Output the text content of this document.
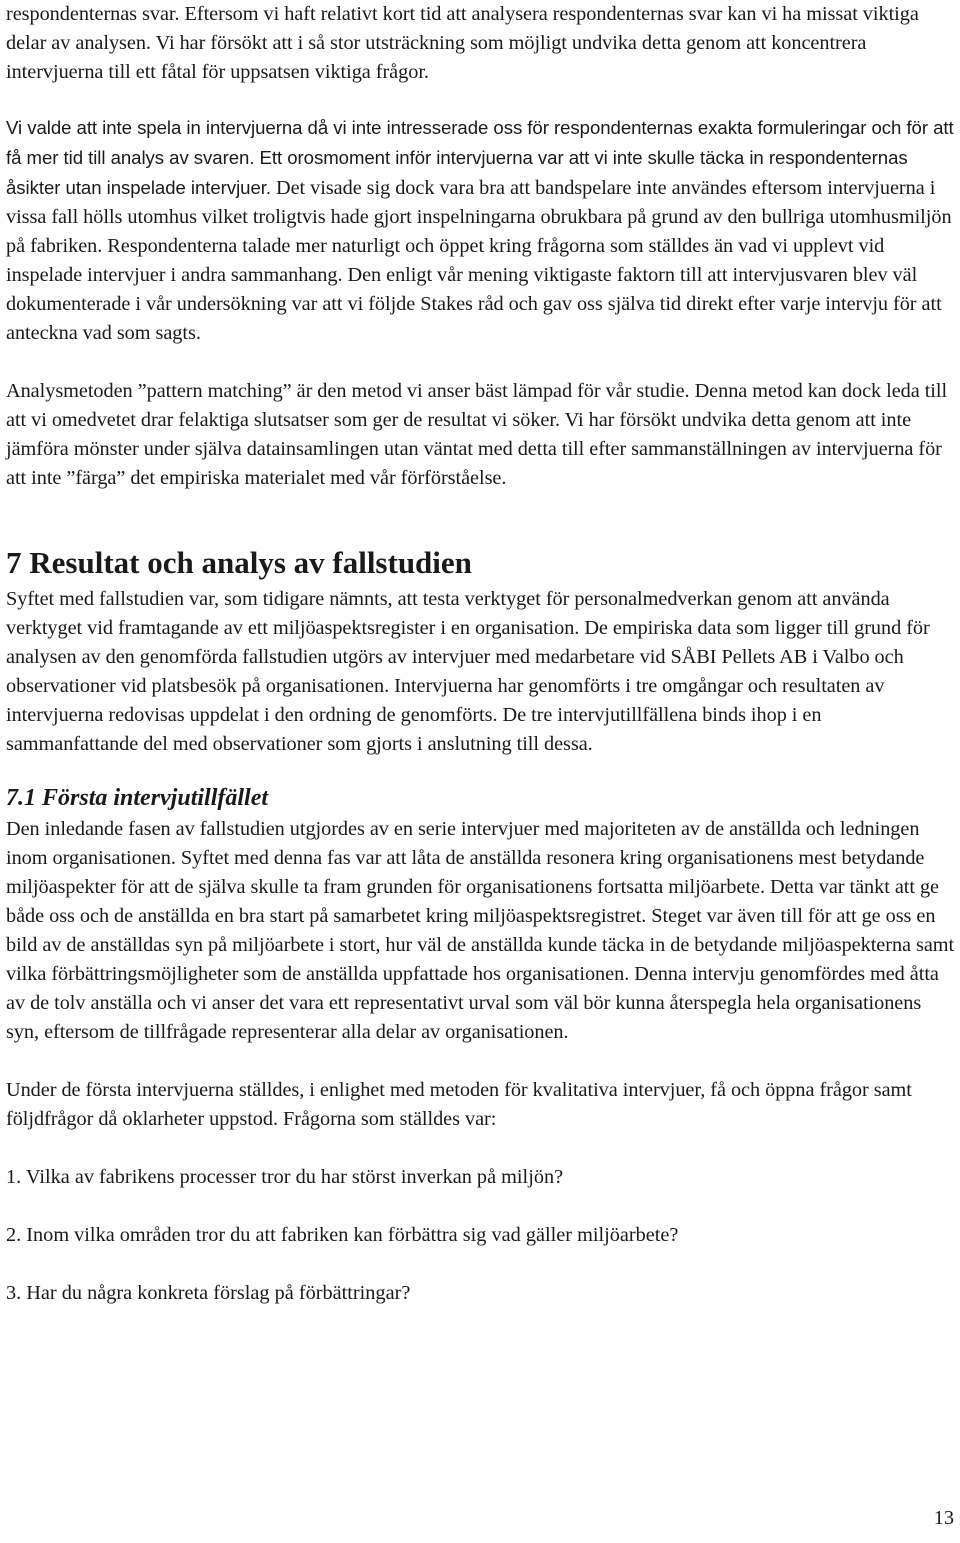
respondenternas svar. Eftersom vi haft relativt kort tid att analysera respondenternas svar kan vi ha missat viktiga delar av analysen. Vi har försökt att i så stor utsträckning som möjligt undvika detta genom att koncentrera intervjuerna till ett fåtal för uppsatsen viktiga frågor.

Vi valde att inte spela in intervjuerna då vi inte intresserade oss för respondenternas exakta formuleringar och för att få mer tid till analys av svaren. Ett orosmoment inför intervjuerna var att vi inte skulle täcka in respondenternas åsikter utan inspelade intervjuer. Det visade sig dock vara bra att bandspelare inte användes eftersom intervjuerna i vissa fall hölls utomhus vilket troligtvis hade gjort inspelningarna obrukbara på grund av den bullriga utomhusmiljön på fabriken. Respondenterna talade mer naturligt och öppet kring frågorna som ställdes än vad vi upplevt vid inspelade intervjuer i andra sammanhang. Den enligt vår mening viktigaste faktorn till att intervjusvaren blev väl dokumenterade i vår undersökning var att vi följde Stakes råd och gav oss själva tid direkt efter varje intervju för att anteckna vad som sagts.

Analysmetoden ”pattern matching” är den metod vi anser bäst lämpad för vår studie. Denna metod kan dock leda till att vi omedvetet drar felaktiga slutsatser som ger de resultat vi söker. Vi har försökt undvika detta genom att inte jämföra mönster under själva datainsamlingen utan väntat med detta till efter sammanställningen av intervjuerna för att inte ”färga” det empiriska materialet med vår förförståelse.

7 Resultat och analys av fallstudien

Syftet med fallstudien var, som tidigare nämnts, att testa verktyget för personalmedverkan genom att använda verktyget vid framtagande av ett miljöaspektsregister i en organisation. De empiriska data som ligger till grund för analysen av den genomförda fallstudien utgörs av intervjuer med medarbetare vid SÅBI Pellets AB i Valbo och observationer vid platsbesök på organisationen. Intervjuerna har genomförts i tre omgångar och resultaten av intervjuerna redovisas uppdelat i den ordning de genomförts. De tre intervjutillfällena binds ihop i en sammanfattande del med observationer som gjorts i anslutning till dessa.

7.1 Första intervjutillfället

Den inledande fasen av fallstudien utgjordes av en serie intervjuer med majoriteten av de anställda och ledningen inom organisationen. Syftet med denna fas var att låta de anställda resonera kring organisationens mest betydande miljöaspekter för att de själva skulle ta fram grunden för organisationens fortsatta miljöarbete. Detta var tänkt att ge både oss och de anställda en bra start på samarbetet kring miljöaspektsregistret. Steget var även till för att ge oss en bild av de anställdas syn på miljöarbete i stort, hur väl de anställda kunde täcka in de betydande miljöaspekterna samt vilka förbättringsmöjligheter som de anställda uppfattade hos organisationen. Denna intervju genomfördes med åtta av de tolv anställa och vi anser det vara ett representativt urval som väl bör kunna återspegla hela organisationens syn, eftersom de tillfrågade representerar alla delar av organisationen.

Under de första intervjuerna ställdes, i enlighet med metoden för kvalitativa intervjuer, få och öppna frågor samt följdfrågor då oklarheter uppstod. Frågorna som ställdes var:

1. Vilka av fabrikens processer tror du har störst inverkan på miljön?

2. Inom vilka områden tror du att fabriken kan förbättra sig vad gäller miljöarbete?

3. Har du några konkreta förslag på förbättringar?

13
